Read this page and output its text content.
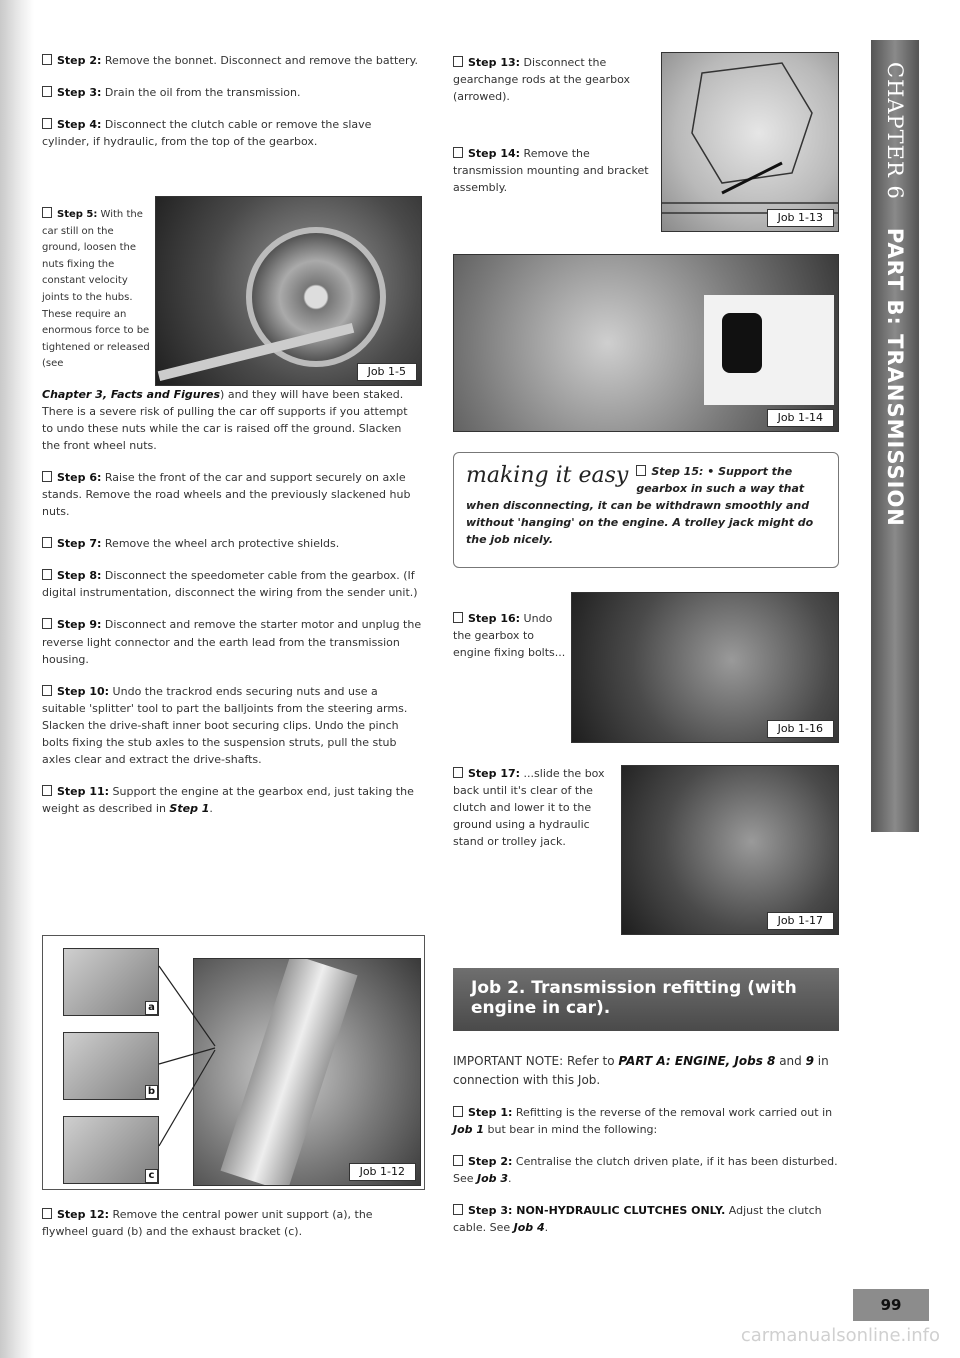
Step 2: Remove the bonnet. Disconnect and remove the battery.

Step 3: Drain the oil from the transmission.

Step 4: Disconnect the clutch cable or remove the slave cylinder, if hydraulic, from the top of the gearbox.

Step 5: With the car still on the ground, loosen the nuts fixing the constant velocity joints to the hubs. These require an enormous force to be tightened or released (see

Job 1-5

Chapter 3, Facts and Figures) and they will have been staked. There is a severe risk of pulling the car off supports if you attempt to undo these nuts while the car is raised off the ground. Slacken the front wheel nuts.

Step 6: Raise the front of the car and support securely on axle stands. Remove the road wheels and the previously slackened hub nuts.

Step 7: Remove the wheel arch protective shields.

Step 8: Disconnect the speedometer cable from the gearbox. (If digital instrumentation, disconnect the wiring from the sender unit.)

Step 9: Disconnect and remove the starter motor and unplug the reverse light connector and the earth lead from the transmission housing.

Step 10: Undo the trackrod ends securing nuts and use a suitable 'splitter' tool to part the balljoints from the steering arms. Slacken the drive-shaft inner boot securing clips. Undo the pinch bolts fixing the stub axles to the suspension struts, pull the stub axles clear and extract the drive-shafts.

Step 11: Support the engine at the gearbox end, just taking the weight as described in Step 1.

Job 1-12
a
b
c

Step 12: Remove the central power unit support (a), the flywheel guard (b) and the exhaust bracket (c).

Step 13: Disconnect the gearchange rods at the gearbox (arrowed).

Step 14: Remove the transmission mounting and bracket assembly.

Job 1-13
Job 1-14
making it easy	Step 15: • Support the gearbox in such a way that when disconnecting, it can be withdrawn smoothly and without 'hanging' on the engine. A trolley jack might do the job nicely.

Step 16: Undo the gearbox to engine fixing bolts...

Job 1-16

Step 17: ...slide the box back until it's clear of the clutch and lower it to the ground using a hydraulic stand or trolley jack.

Job 1-17
Job 2. Transmission refitting (with engine in car).

IMPORTANT NOTE: Refer to PART A: ENGINE, Jobs 8 and 9 in connection with this Job.

Step 1: Refitting is the reverse of the removal work carried out in Job 1 but bear in mind the following:

Step 2: Centralise the clutch driven plate, if it has been disturbed. See Job 3.

Step 3: NON-HYDRAULIC CLUTCHES ONLY. Adjust the clutch cable. See Job 4.

CHAPTER 6PART B: TRANSMISSION
99
carmanualsonline.info
